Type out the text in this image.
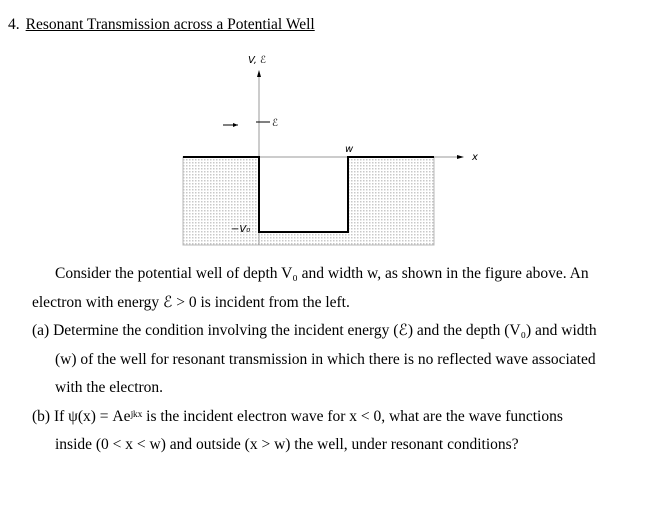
4. Resonant Transmission across a Potential Well
V, ℰ
ℰ
w
x
−V₀
Consider the potential well of depth V₀ and width w, as shown in the figure above. An
electron with energy ℰ > 0 is incident from the left.
(a) Determine the condition involving the incident energy (ℰ) and the depth (V₀) and width
(w) of the well for resonant transmission in which there is no reflected wave associated
with the electron.
(b) If ψ(x) = Aeʲᵏˣ is the incident electron wave for x < 0, what are the wave functions
inside (0 < x < w) and outside (x > w) the well, under resonant conditions?
